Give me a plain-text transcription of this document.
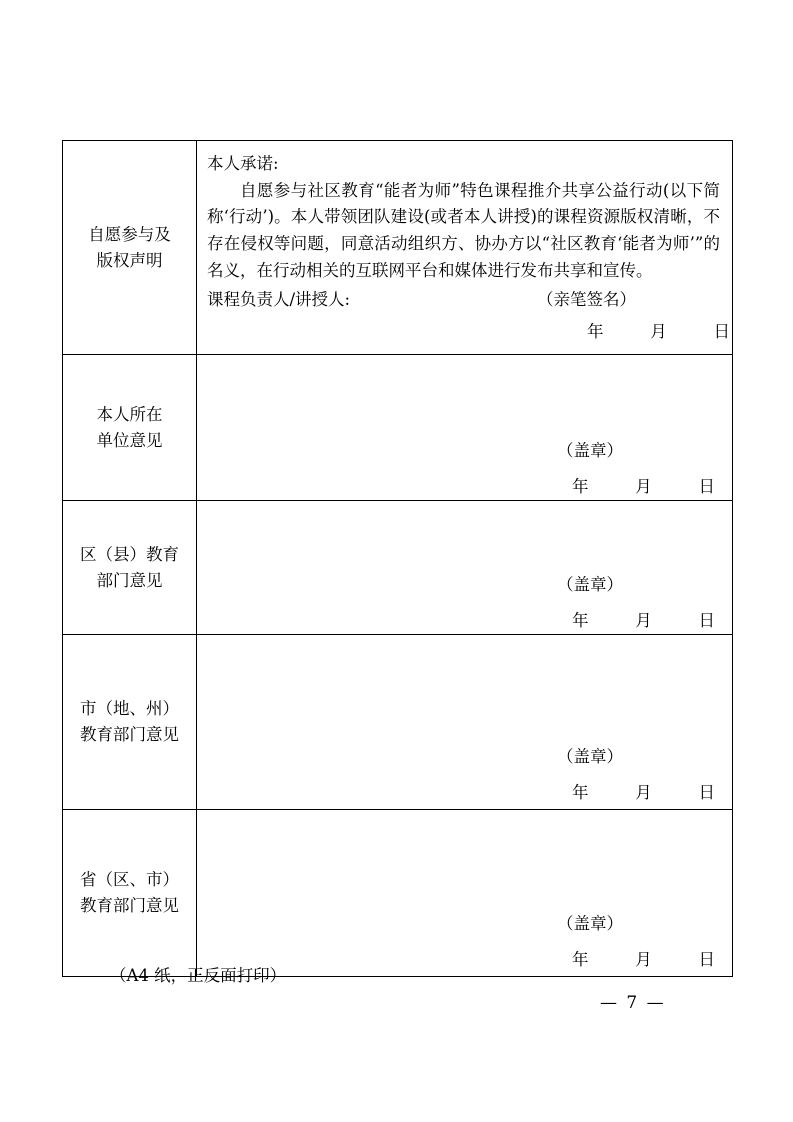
自愿参与及
版权声明	本人承诺:
自愿参与社区教育“能者为师”特色课程推介共享公益行动(以下简称‘行动’)。本人带领团队建设(或者本人讲授)的课程资源版权清晰，不存在侵权等问题，同意活动组织方、协办方以“社区教育‘能者为师’”的名义，在行动相关的互联网平台和媒体进行发布共享和宣传。
课程负责人/讲授人: （亲笔签名）
年 月 日

本人所在
单位意见	（盖章）
年 月 日

区（县）教育
部门意见	（盖章）
年 月 日

市（地、州）
教育部门意见	（盖章）
年 月 日

省（区、市）
教育部门意见	（盖章）
年 月 日
（A4 纸，正反面打印）
— 7 —
